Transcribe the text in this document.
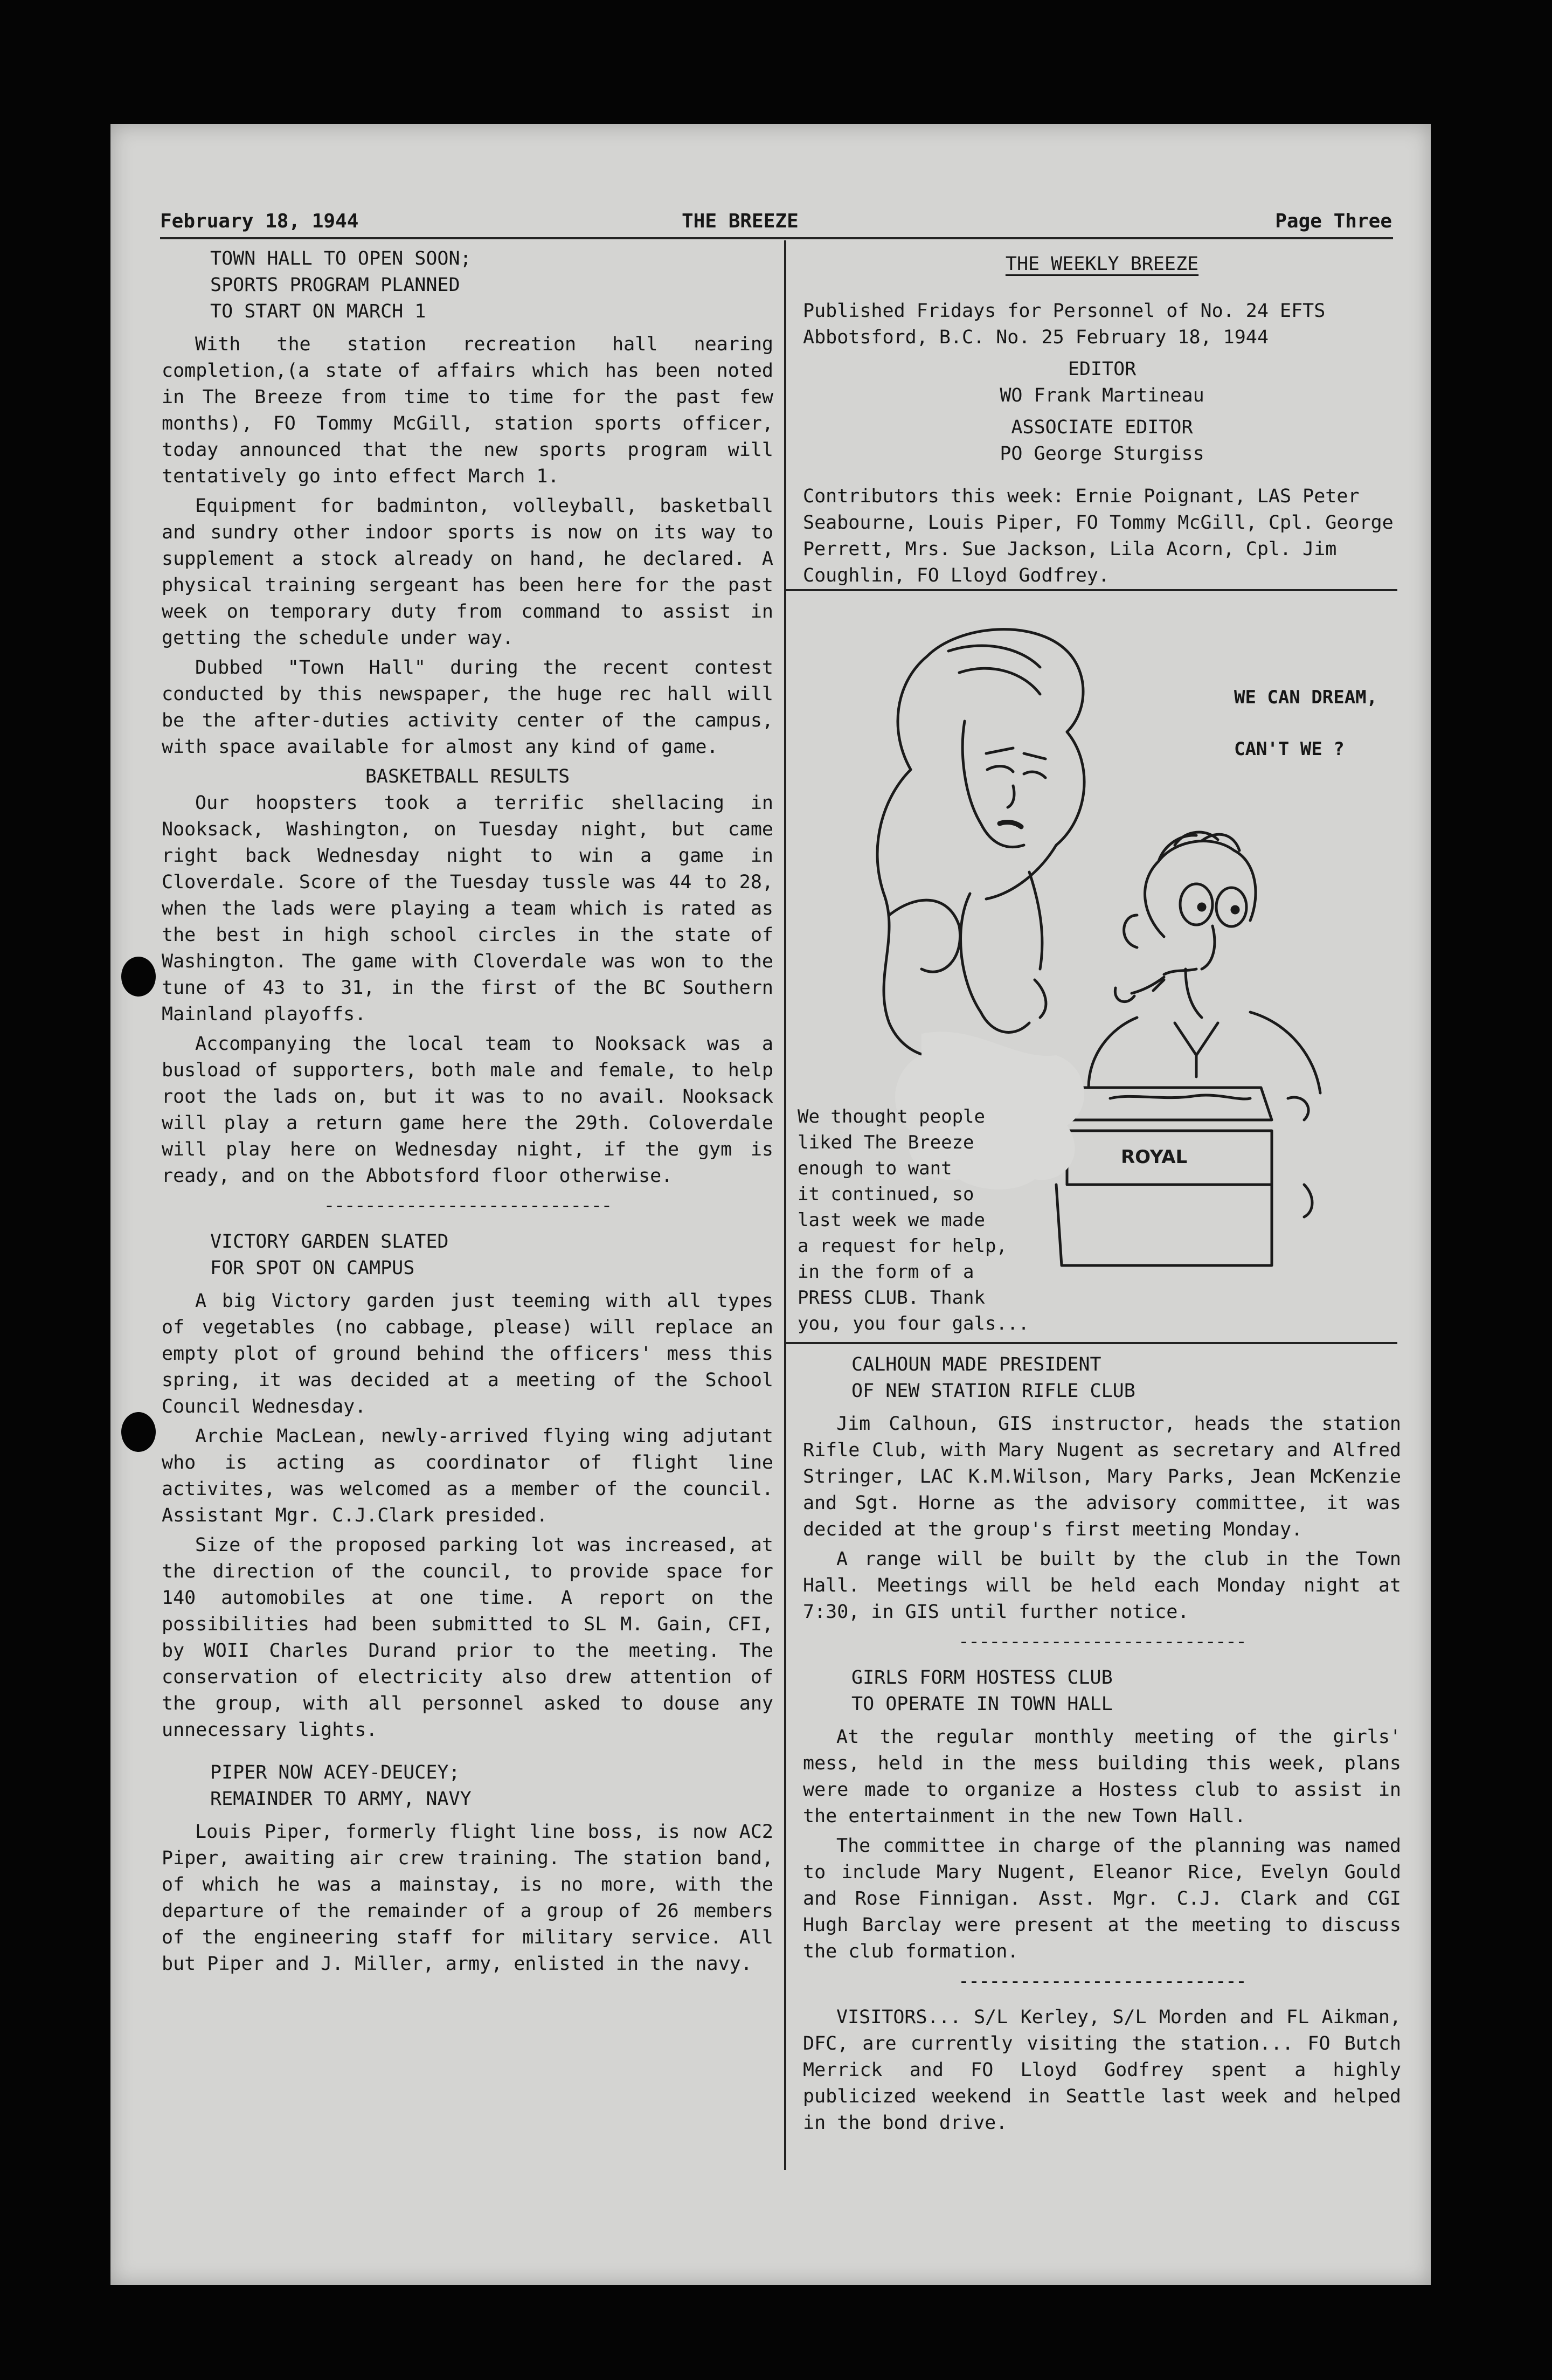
February 18, 1944	THE BREEZE	Page Three
TOWN HALL TO OPEN SOON;
SPORTS PROGRAM PLANNED
TO START ON MARCH 1

With the station recreation hall nearing completion,(a state of affairs which has been noted in The Breeze from time to time for the past few months), FO Tommy McGill, station sports officer, today announced that the new sports program will tentatively go into effect March 1.

Equipment for badminton, volleyball, basketball and sundry other indoor sports is now on its way to supplement a stock already on hand, he declared. A physical training sergeant has been here for the past week on temporary duty from command to assist in getting the schedule under way.

Dubbed "Town Hall" during the recent contest conducted by this newspaper, the huge rec hall will be the after-duties activity center of the campus, with space available for almost any kind of game.

BASKETBALL RESULTS

Our hoopsters took a terrific shellacing in Nooksack, Washington, on Tuesday night, but came right back Wednesday night to win a game in Cloverdale. Score of the Tuesday tussle was 44 to 28, when the lads were playing a team which is rated as the best in high school circles in the state of Washington. The game with Cloverdale was won to the tune of 43 to 31, in the first of the BC Southern Mainland playoffs.

Accompanying the local team to Nooksack was a busload of supporters, both male and female, to help root the lads on, but it was to no avail. Nooksack will play a return game here the 29th. Coloverdale will play here on Wednesday night, if the gym is ready, and on the Abbotsford floor otherwise.

----------------------------
VICTORY GARDEN SLATED
FOR SPOT ON CAMPUS

A big Victory garden just teeming with all types of vegetables (no cabbage, please) will replace an empty plot of ground behind the officers' mess this spring, it was decided at a meeting of the School Council Wednesday.

Archie MacLean, newly-arrived flying wing adjutant who is acting as coordinator of flight line activites, was welcomed as a member of the council. Assistant Mgr. C.J.Clark presided.

Size of the proposed parking lot was increased, at the direction of the council, to provide space for 140 automobiles at one time. A report on the possibilities had been submitted to SL M. Gain, CFI, by WOII Charles Durand prior to the meeting. The conservation of electricity also drew attention of the group, with all personnel asked to douse any unnecessary lights.

PIPER NOW ACEY-DEUCEY;
REMAINDER TO ARMY, NAVY

Louis Piper, formerly flight line boss, is now AC2 Piper, awaiting air crew training. The station band, of which he was a mainstay, is no more, with the departure of the remainder of a group of 26 members of the engineering staff for military service. All but Piper and J. Miller, army, enlisted in the navy.

THE WEEKLY BREEZE
Published Fridays for Personnel of No. 24 EFTS
Abbotsford, B.C. No. 25 February 18, 1944
EDITOR
WO Frank Martineau
ASSOCIATE EDITOR
PO George Sturgiss

Contributors this week: Ernie Poignant, LAS Peter Seabourne, Louis Piper, FO Tommy McGill, Cpl. George Perrett, Mrs. Sue Jackson, Lila Acorn, Cpl. Jim Coughlin, FO Lloyd Godfrey.

ROYAL
WE CAN DREAM,

CAN'T WE ?
We thought people
liked The Breeze
enough to want
it continued, so
last week we made
a request for help,
in the form of a
PRESS CLUB. Thank
you, you four gals...
CALHOUN MADE PRESIDENT
OF NEW STATION RIFLE CLUB

Jim Calhoun, GIS instructor, heads the station Rifle Club, with Mary Nugent as secretary and Alfred Stringer, LAC K.M.Wilson, Mary Parks, Jean McKenzie and Sgt. Horne as the advisory committee, it was decided at the group's first meeting Monday.

A range will be built by the club in the Town Hall. Meetings will be held each Monday night at 7:30, in GIS until further notice.

----------------------------
GIRLS FORM HOSTESS CLUB
TO OPERATE IN TOWN HALL

At the regular monthly meeting of the girls' mess, held in the mess building this week, plans were made to organize a Hostess club to assist in the entertainment in the new Town Hall.

The committee in charge of the planning was named to include Mary Nugent, Eleanor Rice, Evelyn Gould and Rose Finnigan. Asst. Mgr. C.J. Clark and CGI Hugh Barclay were present at the meeting to discuss the club formation.

----------------------------

VISITORS... S/L Kerley, S/L Morden and FL Aikman, DFC, are currently visiting the station... FO Butch Merrick and FO Lloyd Godfrey spent a highly publicized weekend in Seattle last week and helped in the bond drive.
